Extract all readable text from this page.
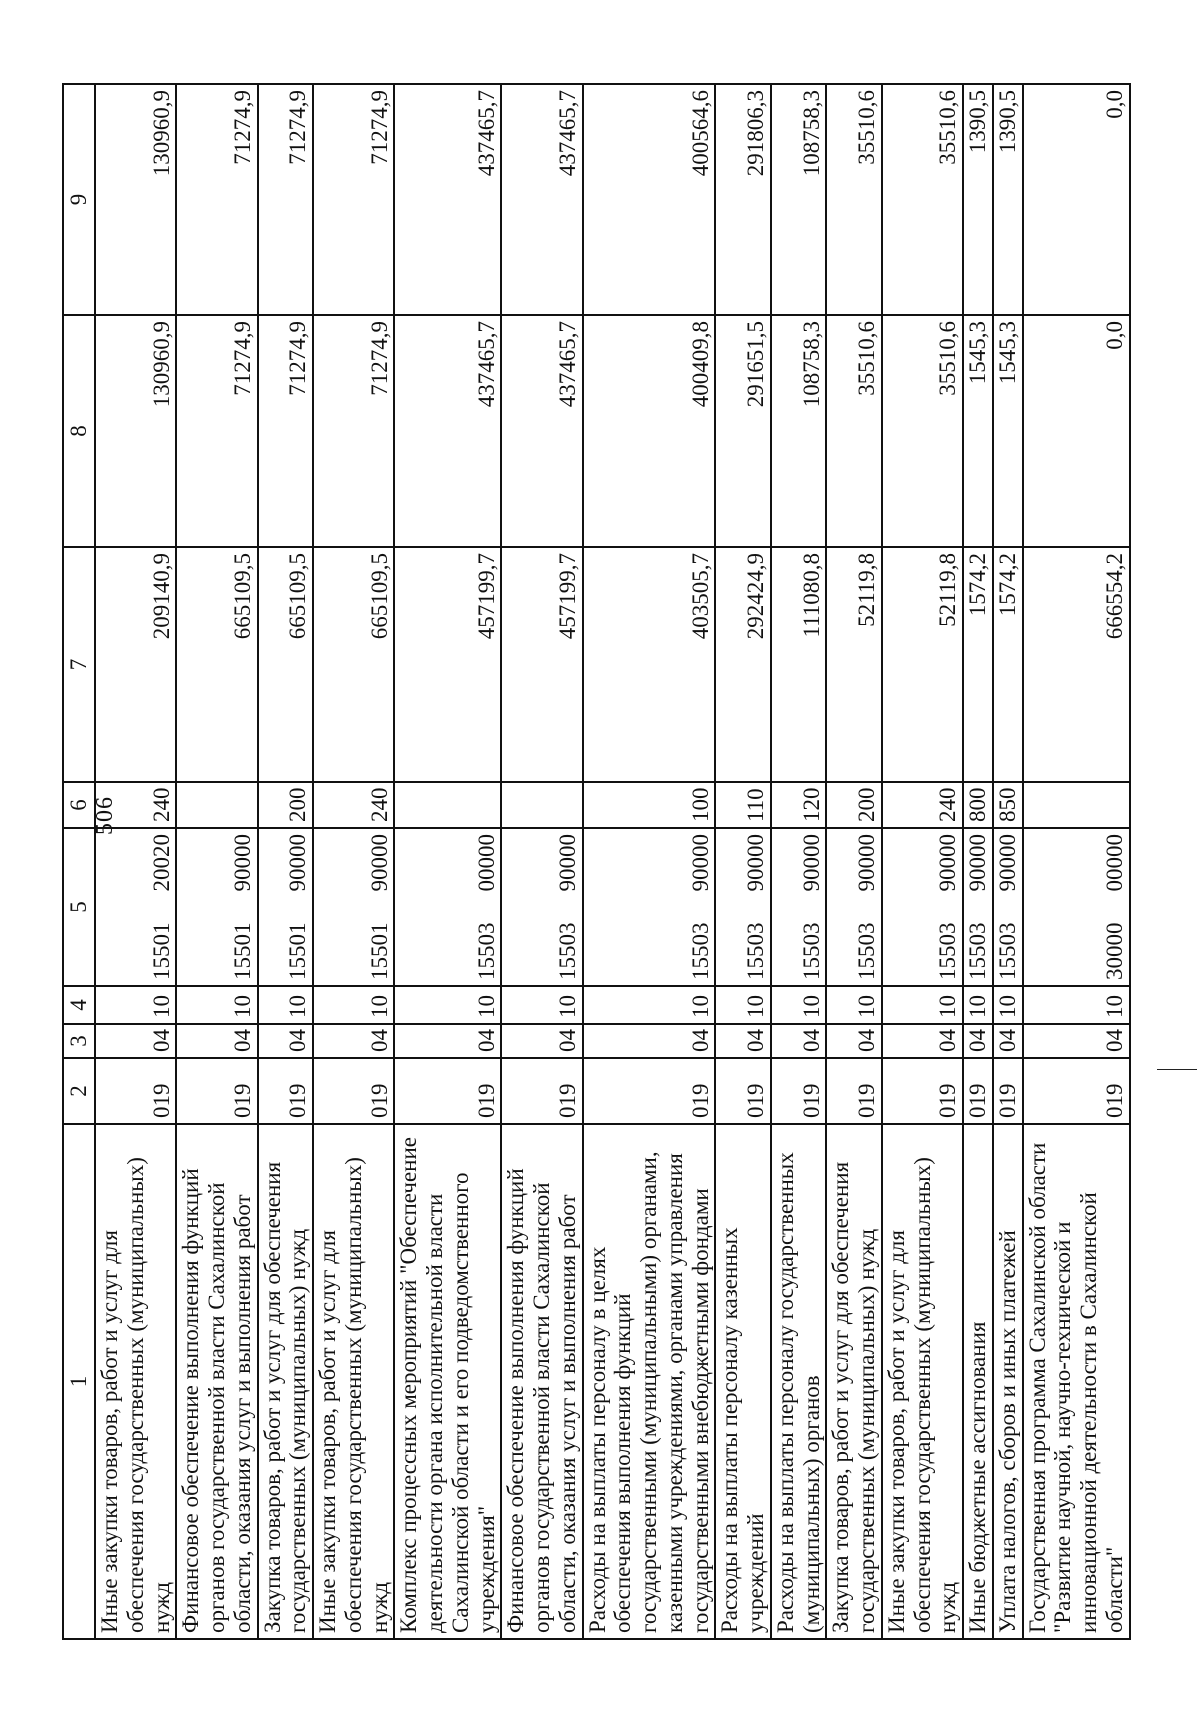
506
1	2	3	4	5		6	7	8	9
Иные закупки товаров, работ и услуг для обеспечения государственных (муниципальных) нужд	019	04	10	15501	20020	240	209140,9	130960,9	130960,9
Финансовое обеспечение выполнения функций органов государственной власти Сахалинской области, оказания услуг и выполнения работ	019	04	10	15501	90000		665109,5	71274,9	71274,9
Закупка товаров, работ и услуг для обеспечения государственных (муниципальных) нужд	019	04	10	15501	90000	200	665109,5	71274,9	71274,9
Иные закупки товаров, работ и услуг для обеспечения государственных (муниципальных) нужд	019	04	10	15501	90000	240	665109,5	71274,9	71274,9
Комплекс процессных мероприятий "Обеспечение деятельности органа исполнительной власти Сахалинской области и его подведомственного учреждения"	019	04	10	15503	00000		457199,7	437465,7	437465,7
Финансовое обеспечение выполнения функций органов государственной власти Сахалинской области, оказания услуг и выполнения работ	019	04	10	15503	90000		457199,7	437465,7	437465,7
Расходы на выплаты персоналу в целях обеспечения выполнения функций государственными (муниципальными) органами, казенными учреждениями, органами управления государственными внебюджетными фондами	019	04	10	15503	90000	100	403505,7	400409,8	400564,6
Расходы на выплаты персоналу казенных учреждений	019	04	10	15503	90000	110	292424,9	291651,5	291806,3
Расходы на выплаты персоналу государственных (муниципальных) органов	019	04	10	15503	90000	120	111080,8	108758,3	108758,3
Закупка товаров, работ и услуг для обеспечения государственных (муниципальных) нужд	019	04	10	15503	90000	200	52119,8	35510,6	35510,6
Иные закупки товаров, работ и услуг для обеспечения государственных (муниципальных) нужд	019	04	10	15503	90000	240	52119,8	35510,6	35510,6
Иные бюджетные ассигнования	019	04	10	15503	90000	800	1574,2	1545,3	1390,5
Уплата налогов, сборов и иных платежей	019	04	10	15503	90000	850	1574,2	1545,3	1390,5
Государственная программа Сахалинской области "Развитие научной, научно-технической и инновационной деятельности в Сахалинской области"	019	04	10	30000	00000		666554,2	0,0	0,0
